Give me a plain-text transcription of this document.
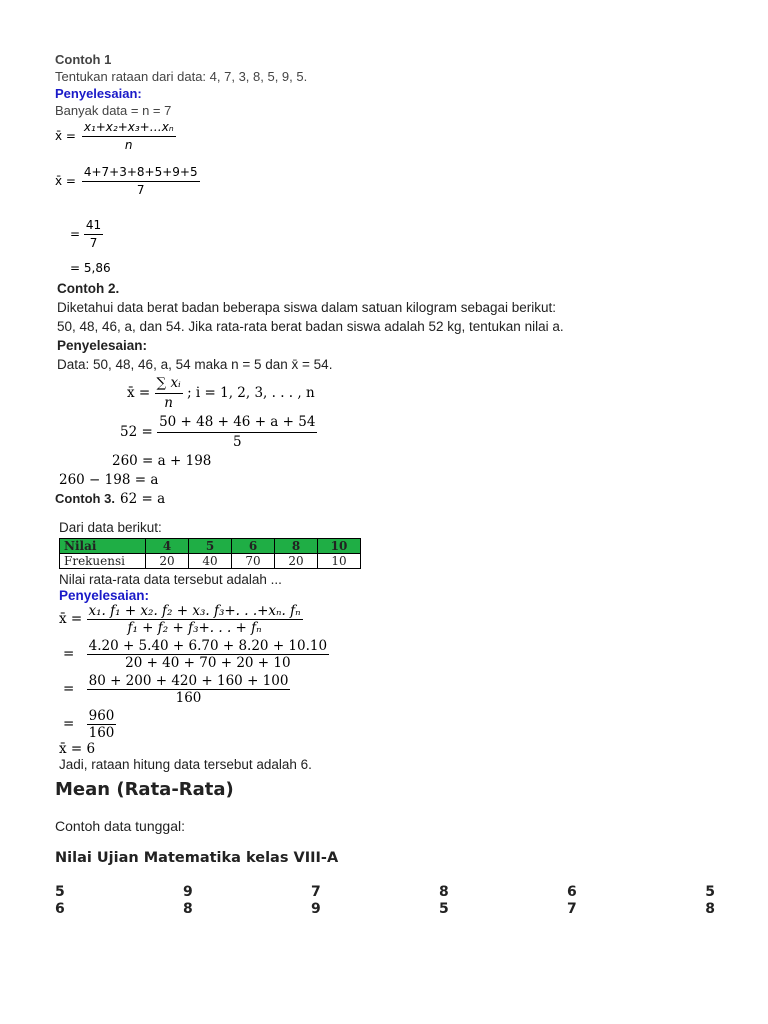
Contoh 1
Tentukan rataan dari data: 4, 7, 3, 8, 5, 9, 5.
Penyelesaian:
Banyak data = n = 7
x̄ = $\frac{\text{x₁+x₂+x₃+…xₙ}}{n}$
x̄ = $\frac{4+7+3+8+5+9+5}{7}$
= $\frac{41}{7}$
= 5,86
Contoh 2.
Diketahui data berat badan beberapa siswa dalam satuan kilogram sebagai berikut:
50, 48, 46, a, dan 54. Jika rata-rata berat badan siswa adalah 52 kg, tentukan nilai a.
Penyelesaian:
Data: 50, 48, 46, a, 54 maka n = 5 dan x̄ = 54.
x̄ = $\frac{\text{∑ xᵢ}}{n}$ ; i = 1, 2, 3, . . . , n
$52 = \frac{50 + 48 + 46 + a + 54}{5}$
260 = a + 198
260 − 198 = a
62 = a
Contoh 3.
Dari data berikut:
Nilai	4	5	6	8	10
Frekuensi	20	40	70	20	10
Nilai rata-rata data tersebut adalah ...
Penyelesaian:
x̄ = $\frac{\text{x₁. f₁ + x₂. f₂ + x₃. f₃+. . .+xₙ. fₙ}}{\text{f₁ + f₂ + f₃+. . . + fₙ}}$
= $\frac{4.20 + 5.40 + 6.70 + 8.20 + 10.10}{20 + 40 + 70 + 20 + 10}$
= $\frac{80 + 200 + 420 + 160 + 100}{160}$
= $\frac{960}{160}$
x̄ = 6
Jadi, rataan hitung data tersebut adalah 6.
Mean (Rata-Rata)
Contoh data tunggal:
Nilai Ujian Matematika kelas VIII-A
5	9	7	8	6	5
6	8	9	5	7	8
